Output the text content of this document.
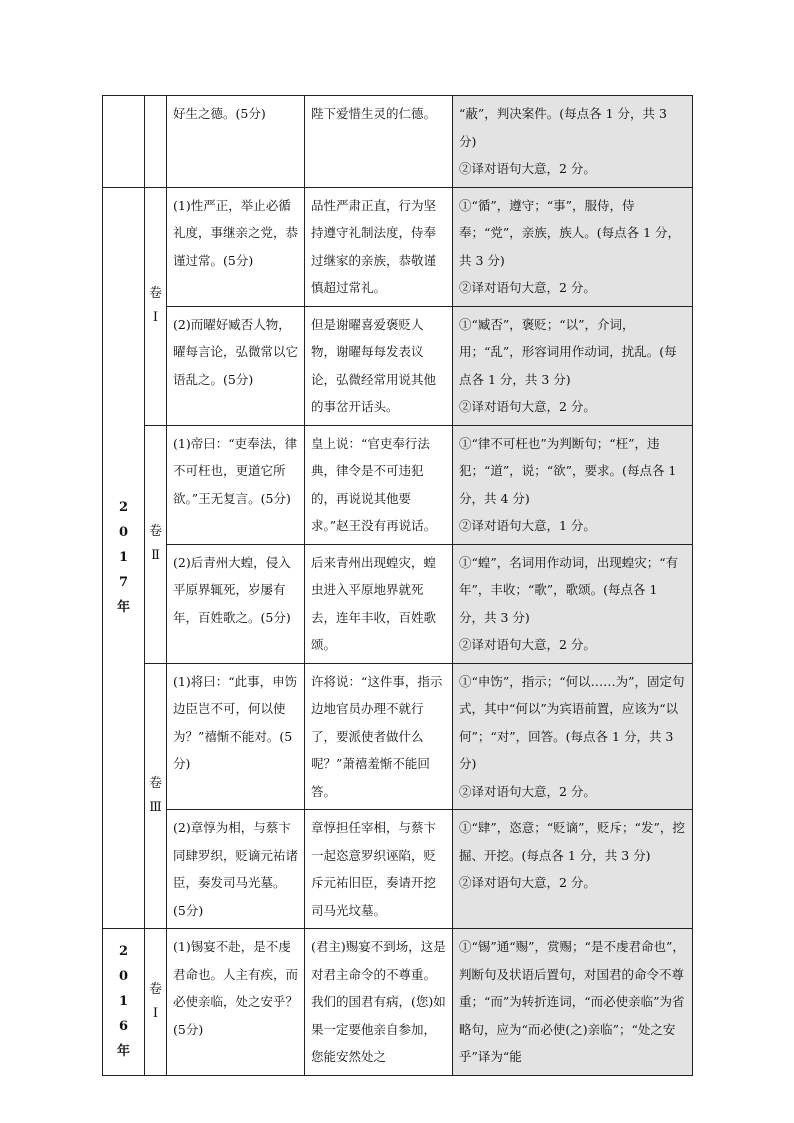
		好生之德。(5分)	陛下爱惜生灵的仁德。	“蔽”，判决案件。(每点各 1 分，共 3 分)
②译对语句大意，2 分。
2
0
1
7
年	卷
Ⅰ	(1)性严正，举止必循礼度，事继亲之党，恭谨过常。(5分)	品性严肃正直，行为坚持遵守礼制法度，侍奉过继家的亲族，恭敬谨慎超过常礼。	①“循”，遵守；“事”，服侍，侍奉；“党”，亲族，族人。(每点各 1 分，共 3 分)
②译对语句大意，2 分。
		(2)而曜好臧否人物，曜每言论，弘微常以它语乱之。(5分)	但是谢曜喜爱褒贬人物，谢曜每每发表议论，弘微经常用说其他的事岔开话头。	①“臧否”，褒贬；“以”，介词，用；“乱”，形容词用作动词，扰乱。(每点各 1 分，共 3 分)
②译对语句大意，2 分。
	卷
Ⅱ	(1)帝曰：“吏奉法，律不可枉也，更道它所欲。”王无复言。(5分)	皇上说：“官吏奉行法典，律令是不可违犯的，再说说其他要求。”赵王没有再说话。	①“律不可枉也”为判断句；“枉”，违犯；“道”，说；“欲”，要求。(每点各 1 分，共 4 分)
②译对语句大意，1 分。
		(2)后青州大蝗，侵入平原界辄死，岁屡有年，百姓歌之。(5分)	后来青州出现蝗灾，蝗虫进入平原地界就死去，连年丰收，百姓歌颂。	①“蝗”，名词用作动词，出现蝗灾；“有年”，丰收；“歌”，歌颂。(每点各 1 分，共 3 分)
②译对语句大意，2 分。
	卷
Ⅲ	(1)将曰：“此事，申饬边臣岂不可，何以使为？”禧惭不能对。(5分)	许将说：“这件事，指示边地官员办理不就行了，要派使者做什么呢？”萧禧羞惭不能回答。	①“申饬”，指示；“何以……为”，固定句式，其中“何以”为宾语前置，应该为“以何”；“对”，回答。(每点各 1 分，共 3 分)
②译对语句大意，2 分。
		(2)章惇为相，与蔡卞同肆罗织，贬谪元祐诸臣，奏发司马光墓。(5分)	章惇担任宰相，与蔡卞一起恣意罗织诬陷，贬斥元祐旧臣，奏请开挖司马光坟墓。	①“肆”，恣意；“贬谪”，贬斥；“发”，挖掘、开挖。(每点各 1 分，共 3 分)
②译对语句大意，2 分。
2
0
1
6
年	卷
Ⅰ	(1)锡宴不赴，是不虔君命也。人主有疾，而必使亲临，处之安乎？(5分)	(君主)赐宴不到场，这是对君主命令的不尊重。我们的国君有病，(您)如果一定要他亲自参加，您能安然处之	①“锡”通“赐”，赏赐；“是不虔君命也”，判断句及状语后置句，对国君的命令不尊重；“而”为转折连词，“而必使亲临”为省略句，应为“而必使(之)亲临”；“处之安乎”译为“能
